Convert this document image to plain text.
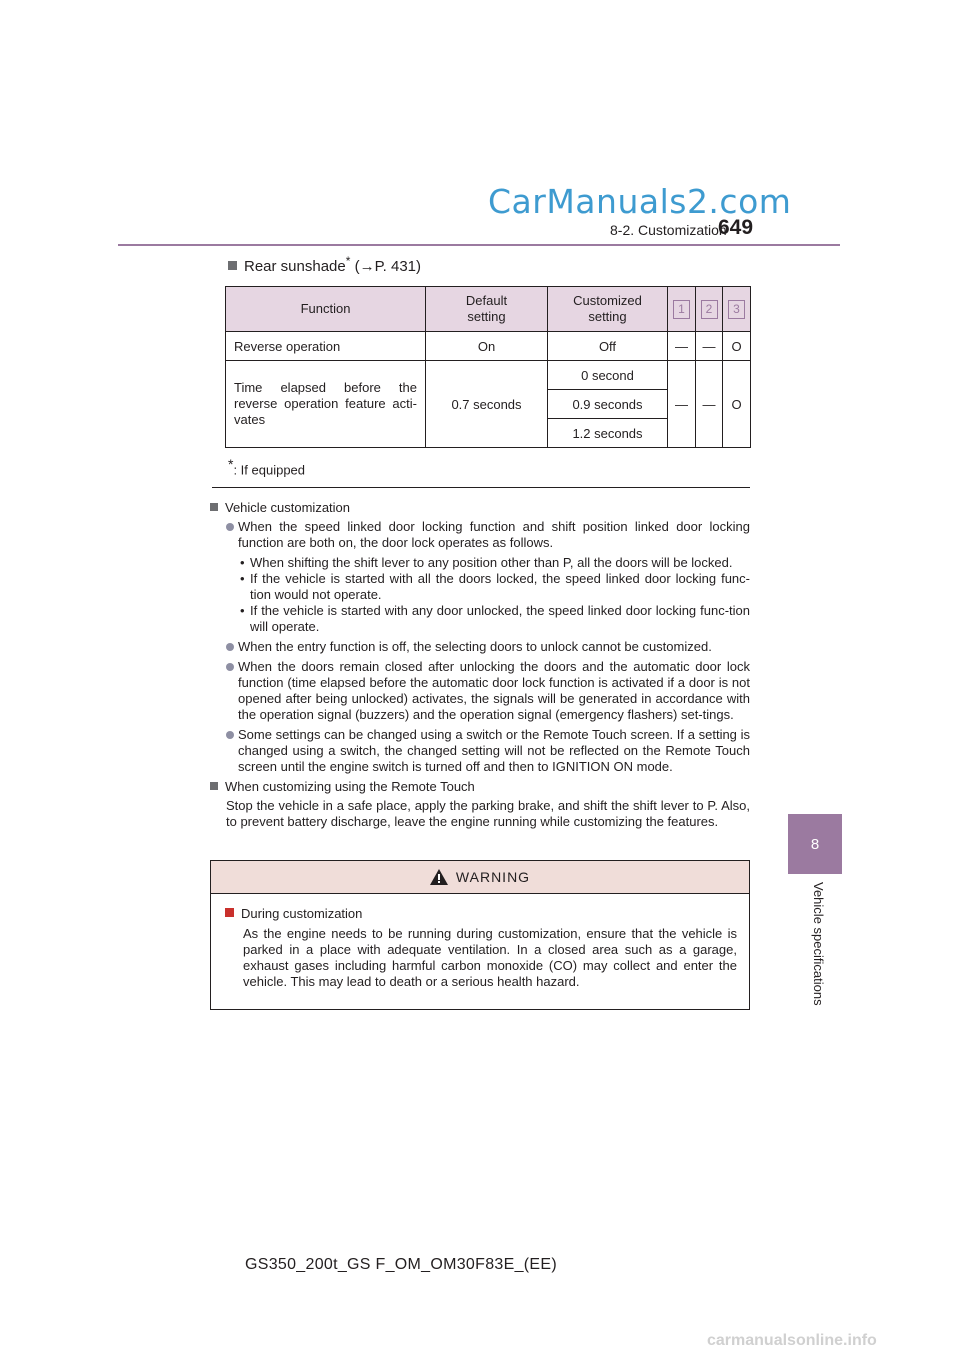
CarManuals2.com
8-2. Customization
649
8
Vehicle specifications
Rear sunshade* (→P. 431)
Function	Default setting	Customized setting	1	2	3
Reverse operation	On	Off	—	—	O
Time elapsed before the reverse operation feature acti-vates	0.7 seconds	0 second	—	—	O
		0.9 seconds			
		1.2 seconds			
*: If equipped
Vehicle customization
When the speed linked door locking function and shift position linked door locking function are both on, the door lock operates as follows.
• When shifting the shift lever to any position other than P, all the doors will be locked.
• If the vehicle is started with all the doors locked, the speed linked door locking func-tion would not operate.
• If the vehicle is started with any door unlocked, the speed linked door locking func-tion will operate.
When the entry function is off, the selecting doors to unlock cannot be customized.
When the doors remain closed after unlocking the doors and the automatic door lock function (time elapsed before the automatic door lock function is activated if a door is not opened after being unlocked) activates, the signals will be generated in accordance with the operation signal (buzzers) and the operation signal (emergency flashers) set-tings.
Some settings can be changed using a switch or the Remote Touch screen. If a setting is changed using a switch, the changed setting will not be reflected on the Remote Touch screen until the engine switch is turned off and then to IGNITION ON mode.
When customizing using the Remote Touch
Stop the vehicle in a safe place, apply the parking brake, and shift the shift lever to P. Also, to prevent battery discharge, leave the engine running while customizing the features.
WARNING
During customization
As the engine needs to be running during customization, ensure that the vehicle is parked in a place with adequate ventilation. In a closed area such as a garage, exhaust gases including harmful carbon monoxide (CO) may collect and enter the vehicle. This may lead to death or a serious health hazard.
GS350_200t_GS F_OM_OM30F83E_(EE)
carmanualsonline.info
